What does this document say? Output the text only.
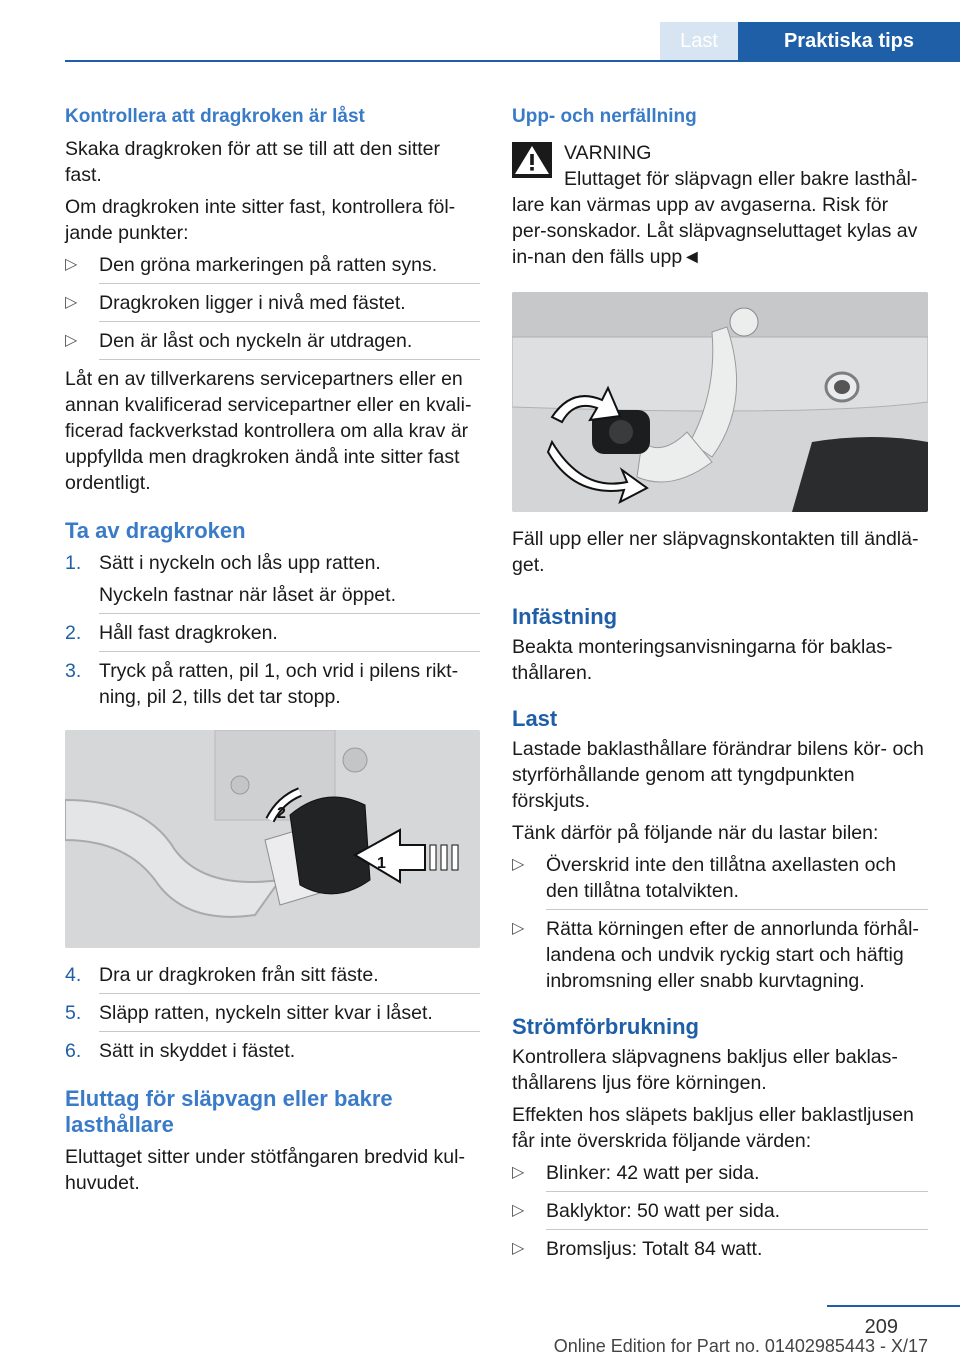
Last	Praktiska tips
Kontrollera att dragkroken är låst

Skaka dragkroken för att se till att den sitter fast.

Om dragkroken inte sitter fast, kontrollera föl-jande punkter:

▷ Den gröna markeringen på ratten syns.
▷ Dragkroken ligger i nivå med fästet.
▷ Den är låst och nyckeln är utdragen.

Låt en av tillverkarens servicepartners eller en annan kvalificerad servicepartner eller en kvali-ficerad fackverkstad kontrollera om alla krav är uppfyllda men dragkroken ändå inte sitter fast ordentligt.

Ta av dragkroken
1. Sätt i nyckeln och lås upp ratten.
Nyckeln fastnar när låset är öppet.
2. Håll fast dragkroken.
3. Tryck på ratten, pil 1, och vrid i pilens rikt-ning, pil 2, tills det tar stopp.
1
2
4. Dra ur dragkroken från sitt fäste.
5. Släpp ratten, nyckeln sitter kvar i låset.
6. Sätt in skyddet i fästet.
Eluttag för släpvagn eller bakre lasthållare

Eluttaget sitter under stötfångaren bredvid kul-huvudet.

Upp- och nerfällning
VARNING
Eluttaget för släpvagn eller bakre lasthål-lare kan värmas upp av avgaserna. Risk för per-sonskador. Låt släpvagnseluttaget kylas av in-nan den fälls upp◄

Fäll upp eller ner släpvagnskontakten till ändlä-get.

Infästning

Beakta monteringsanvisningarna för baklas-thållaren.

Last

Lastade baklasthållare förändrar bilens kör- och styrförhållande genom att tyngdpunkten förskjuts.

Tänk därför på följande när du lastar bilen:

▷ Överskrid inte den tillåtna axellasten och den tillåtna totalvikten.
▷ Rätta körningen efter de annorlunda förhål-landena och undvik ryckig start och häftig inbromsning eller snabb kurvtagning.
Strömförbrukning

Kontrollera släpvagnens bakljus eller baklas-thållarens ljus före körningen.

Effekten hos släpets bakljus eller baklastljusen får inte överskrida följande värden:

▷ Blinker: 42 watt per sida.
▷ Baklyktor: 50 watt per sida.
▷ Bromsljus: Totalt 84 watt.
209
Online Edition for Part no. 01402985443 - X/17
